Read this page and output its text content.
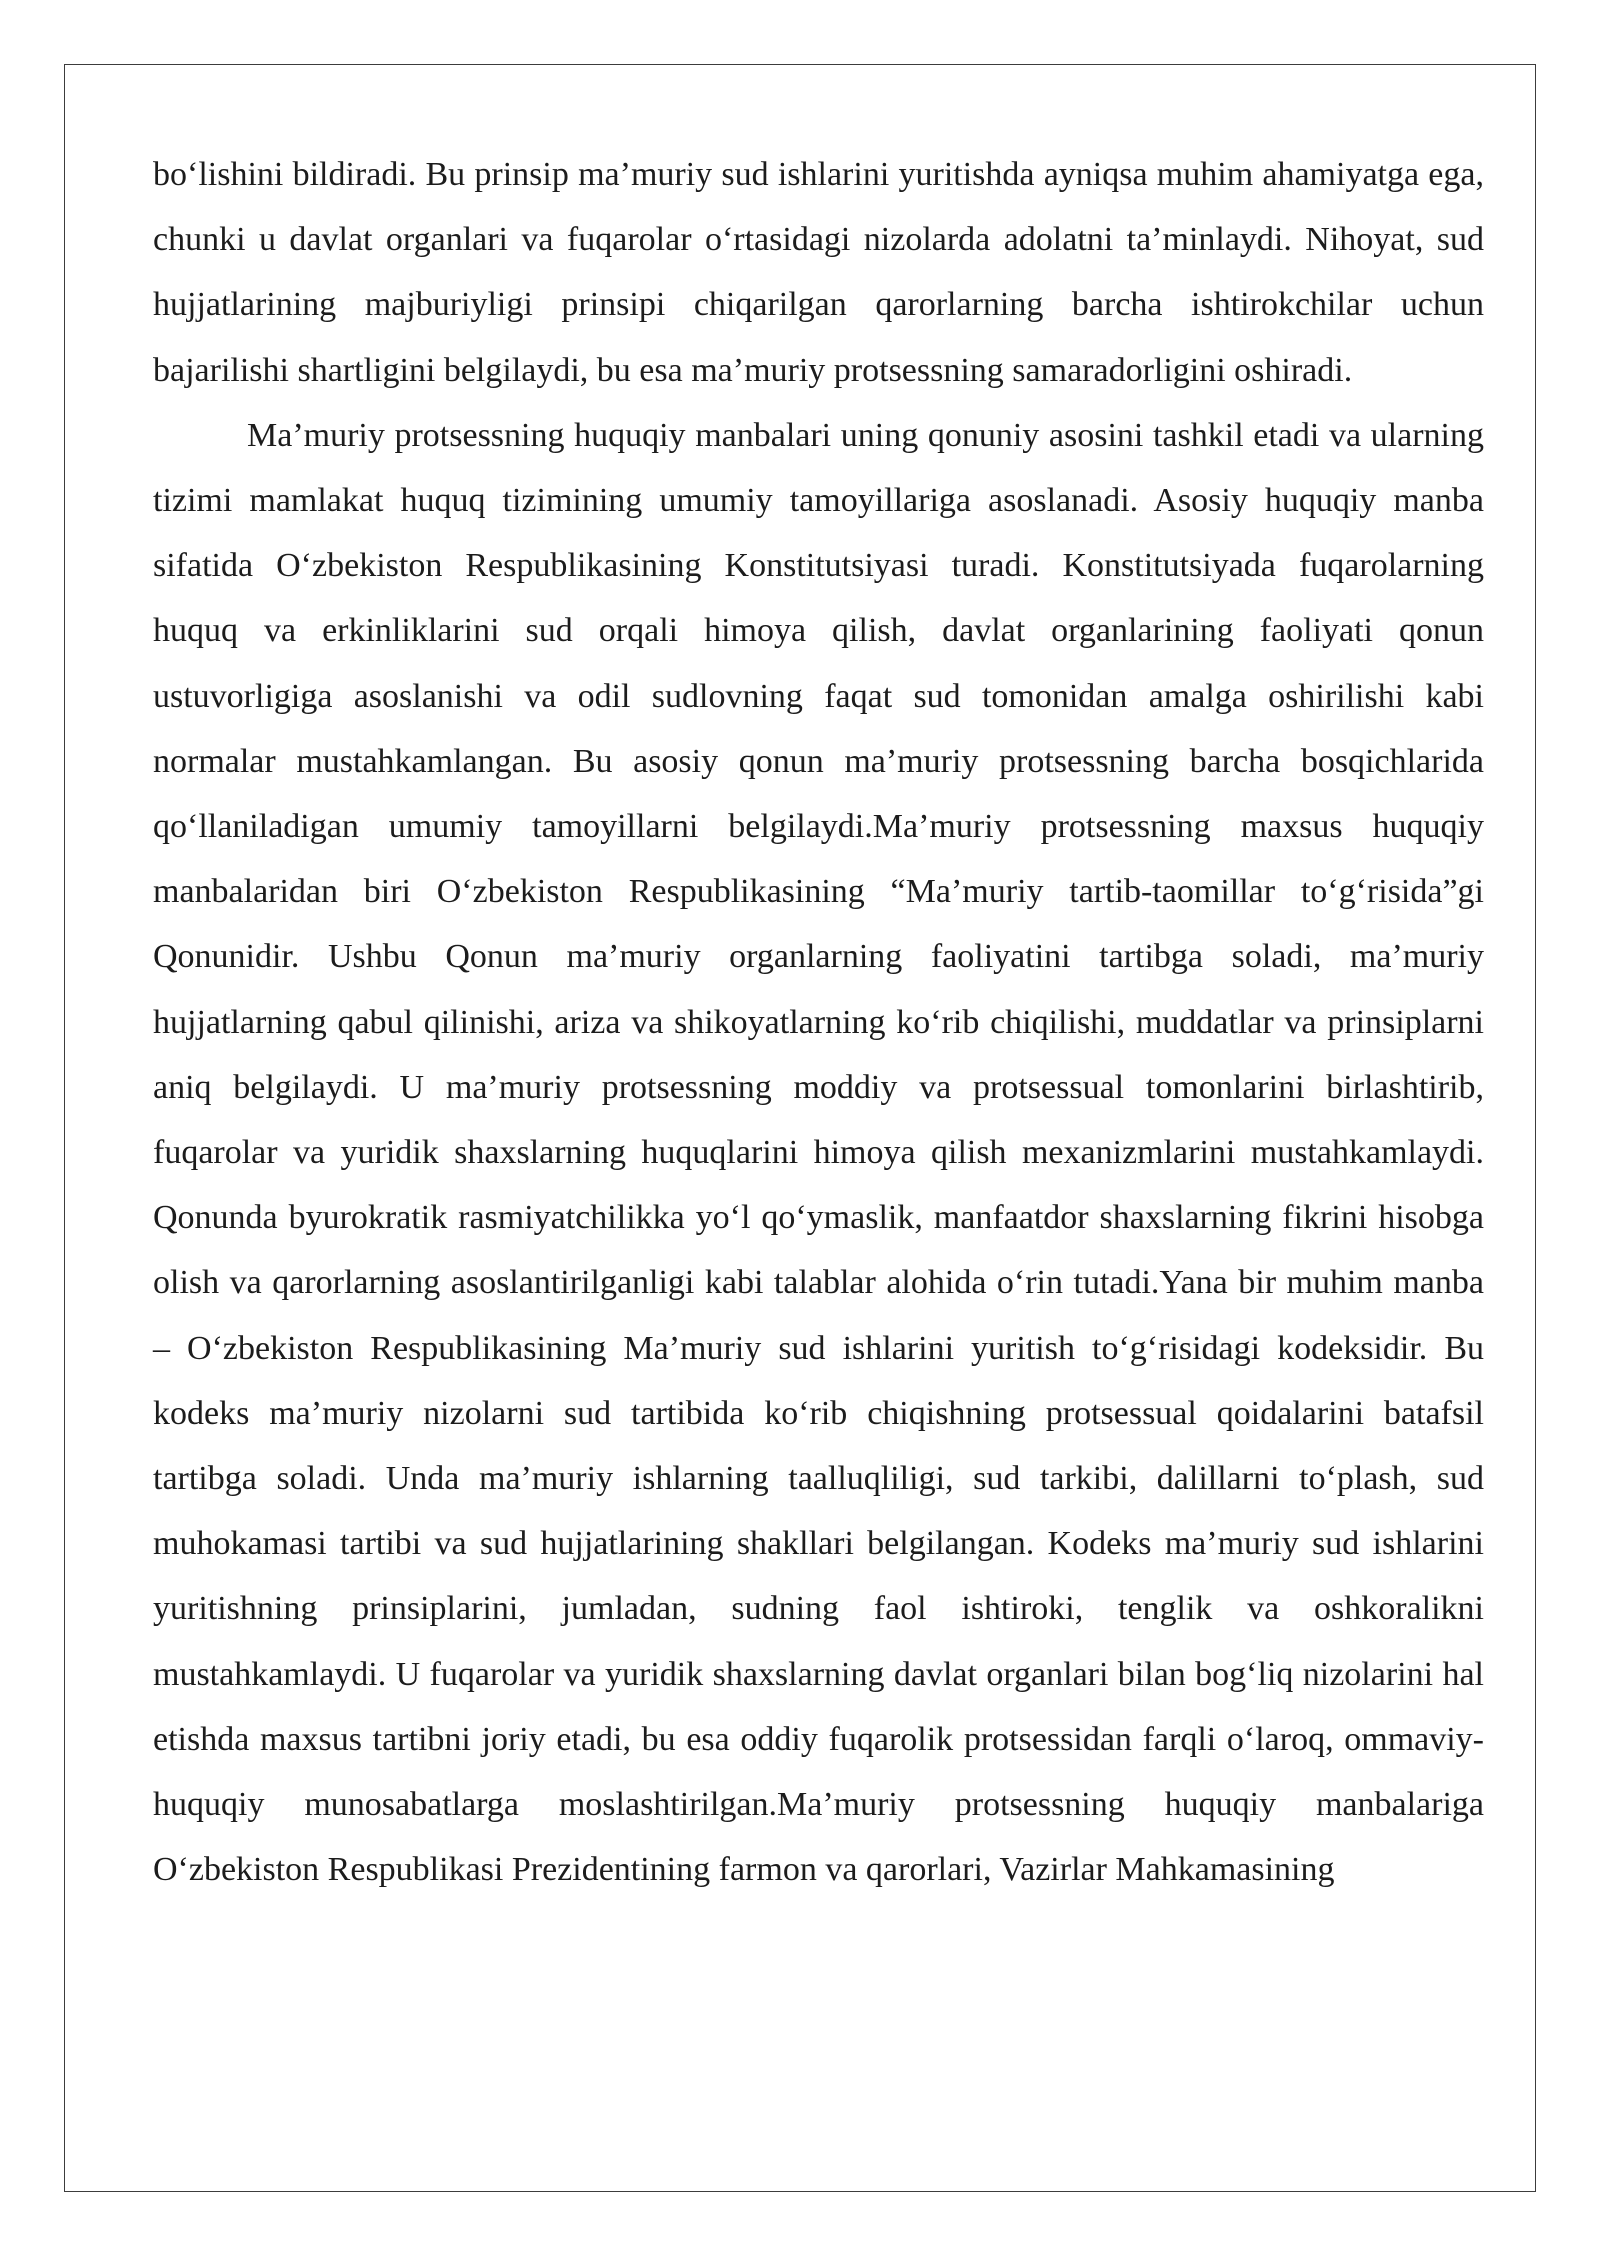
bo‘lishini bildiradi. Bu prinsip ma’muriy sud ishlarini yuritishda ayniqsa muhim ahamiyatga ega, chunki u davlat organlari va fuqarolar o‘rtasidagi nizolarda adolatni ta’minlaydi. Nihoyat, sud hujjatlarining majburiyligi prinsipi chiqarilgan qarorlarning barcha ishtirokchilar uchun bajarilishi shartligini belgilaydi, bu esa ma’muriy protsessning samaradorligini oshiradi.

Ma’muriy protsessning huquqiy manbalari uning qonuniy asosini tashkil etadi va ularning tizimi mamlakat huquq tizimining umumiy tamoyillariga asoslanadi. Asosiy huquqiy manba sifatida O‘zbekiston Respublikasining Konstitutsiyasi turadi. Konstitutsiyada fuqarolarning huquq va erkinliklarini sud orqali himoya qilish, davlat organlarining faoliyati qonun ustuvorligiga asoslanishi va odil sudlovning faqat sud tomonidan amalga oshirilishi kabi normalar mustahkamlangan. Bu asosiy qonun ma’muriy protsessning barcha bosqichlarida qo‘llaniladigan umumiy tamoyillarni belgilaydi.Ma’muriy protsessning maxsus huquqiy manbalaridan biri O‘zbekiston Respublikasining “Ma’muriy tartib-taomillar to‘g‘risida”gi Qonunidir. Ushbu Qonun ma’muriy organlarning faoliyatini tartibga soladi, ma’muriy hujjatlarning qabul qilinishi, ariza va shikoyatlarning ko‘rib chiqilishi, muddatlar va prinsiplarni aniq belgilaydi. U ma’muriy protsessning moddiy va protsessual tomonlarini birlashtirib, fuqarolar va yuridik shaxslarning huquqlarini himoya qilish mexanizmlarini mustahkamlaydi. Qonunda byurokratik rasmiyatchilikka yo‘l qo‘ymaslik, manfaatdor shaxslarning fikrini hisobga olish va qarorlarning asoslantirilganligi kabi talablar alohida o‘rin tutadi.Yana bir muhim manba – O‘zbekiston Respublikasining Ma’muriy sud ishlarini yuritish to‘g‘risidagi kodeksidir. Bu kodeks ma’muriy nizolarni sud tartibida ko‘rib chiqishning protsessual qoidalarini batafsil tartibga soladi. Unda ma’muriy ishlarning taalluqliligi, sud tarkibi, dalillarni to‘plash, sud muhokamasi tartibi va sud hujjatlarining shakllari belgilangan. Kodeks ma’muriy sud ishlarini yuritishning prinsiplarini, jumladan, sudning faol ishtiroki, tenglik va oshkoralikni mustahkamlaydi. U fuqarolar va yuridik shaxslarning davlat organlari bilan bog‘liq nizolarini hal etishda maxsus tartibni joriy etadi, bu esa oddiy fuqarolik protsessidan farqli o‘laroq, ommaviy-huquqiy munosabatlarga moslashtirilgan.Ma’muriy protsessning huquqiy manbalariga O‘zbekiston Respublikasi Prezidentining farmon va qarorlari, Vazirlar Mahkamasining
